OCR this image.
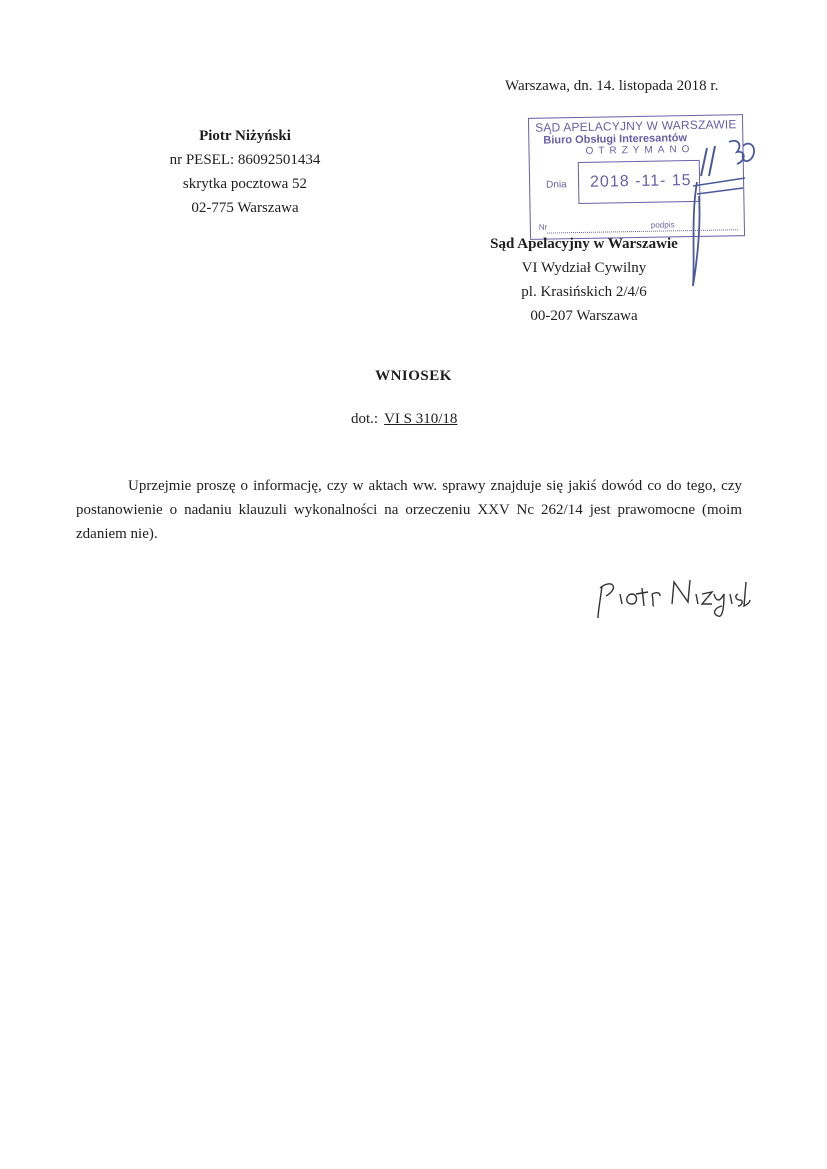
Warszawa, dn. 14. listopada 2018 r.
Piotr Niżyński
nr PESEL: 86092501434
skrytka pocztowa 52
02-775 Warszawa
SĄD APELACYJNY W WARSZAWIE
Biuro Obsługi Interesantów
OTRZYMANO
Dnia 2018 -11- 15
Nr	podpis
Sąd Apelacyjny w Warszawie
VI Wydział Cywilny
pl. Krasińskich 2/4/6
00-207 Warszawa
WNIOSEK
dot.: VI S 310/18
Uprzejmie proszę o informację, czy w aktach ww. sprawy znajduje się jakiś dowód co do tego, czy postanowienie o nadaniu klauzuli wykonalności na orzeczeniu XXV Nc 262/14 jest prawomocne (moim zdaniem nie).
